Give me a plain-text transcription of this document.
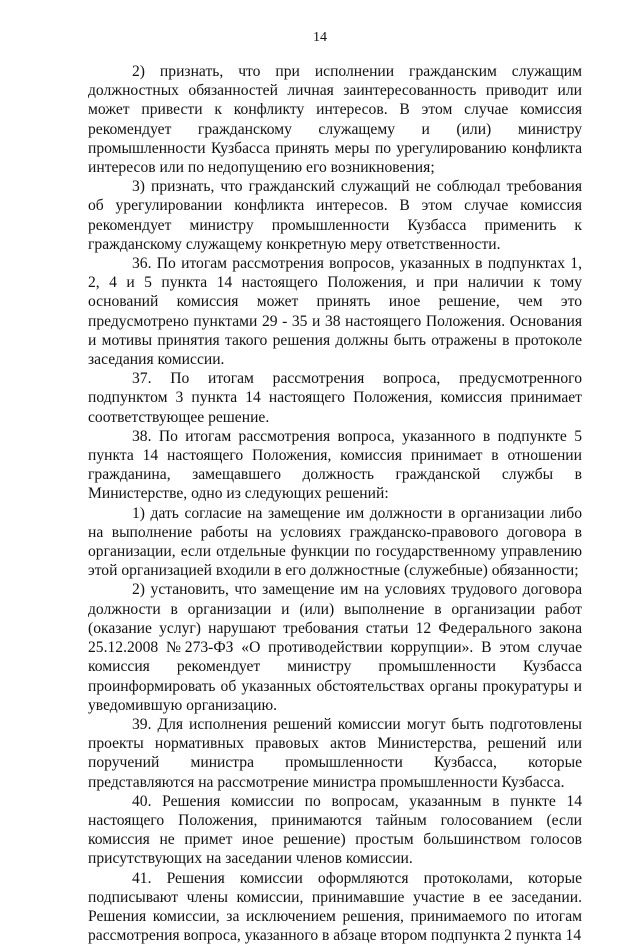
14

2) признать, что при исполнении гражданским служащим должностных обязанностей личная заинтересованность приводит или может привести к конфликту интересов. В этом случае комиссия рекомендует гражданскому служащему и (или) министру промышленности Кузбасса принять меры по урегулированию конфликта интересов или по недопущению его возникновения;

3) признать, что гражданский служащий не соблюдал требования об урегулировании конфликта интересов. В этом случае комиссия рекомендует министру промышленности Кузбасса применить к гражданскому служащему конкретную меру ответственности.

36. По итогам рассмотрения вопросов, указанных в подпунктах 1, 2, 4 и 5 пункта 14 настоящего Положения, и при наличии к тому оснований комиссия может принять иное решение, чем это предусмотрено пунктами 29 - 35 и 38 настоящего Положения. Основания и мотивы принятия такого решения должны быть отражены в протоколе заседания комиссии.

37. По итогам рассмотрения вопроса, предусмотренного подпунктом 3 пункта 14 настоящего Положения, комиссия принимает соответствующее решение.

38. По итогам рассмотрения вопроса, указанного в подпункте 5 пункта 14 настоящего Положения, комиссия принимает в отношении гражданина, замещавшего должность гражданской службы в Министерстве, одно из следующих решений:

1) дать согласие на замещение им должности в организации либо на выполнение работы на условиях гражданско-правового договора в организации, если отдельные функции по государственному управлению этой организацией входили в его должностные (служебные) обязанности;

2) установить, что замещение им на условиях трудового договора должности в организации и (или) выполнение в организации работ (оказание услуг) нарушают требования статьи 12 Федерального закона 25.12.2008 №273-ФЗ «О противодействии коррупции». В этом случае комиссия рекомендует министру промышленности Кузбасса проинформировать об указанных обстоятельствах органы прокуратуры и уведомившую организацию.

39. Для исполнения решений комиссии могут быть подготовлены проекты нормативных правовых актов Министерства, решений или поручений министра промышленности Кузбасса, которые представляются на рассмотрение министра промышленности Кузбасса.

40. Решения комиссии по вопросам, указанным в пункте 14 настоящего Положения, принимаются тайным голосованием (если комиссия не примет иное решение) простым большинством голосов присутствующих на заседании членов комиссии.

41. Решения комиссии оформляются протоколами, которые подписывают члены комиссии, принимавшие участие в ее заседании. Решения комиссии, за исключением решения, принимаемого по итогам рассмотрения вопроса, указанного в абзаце втором подпункта 2 пункта 14
